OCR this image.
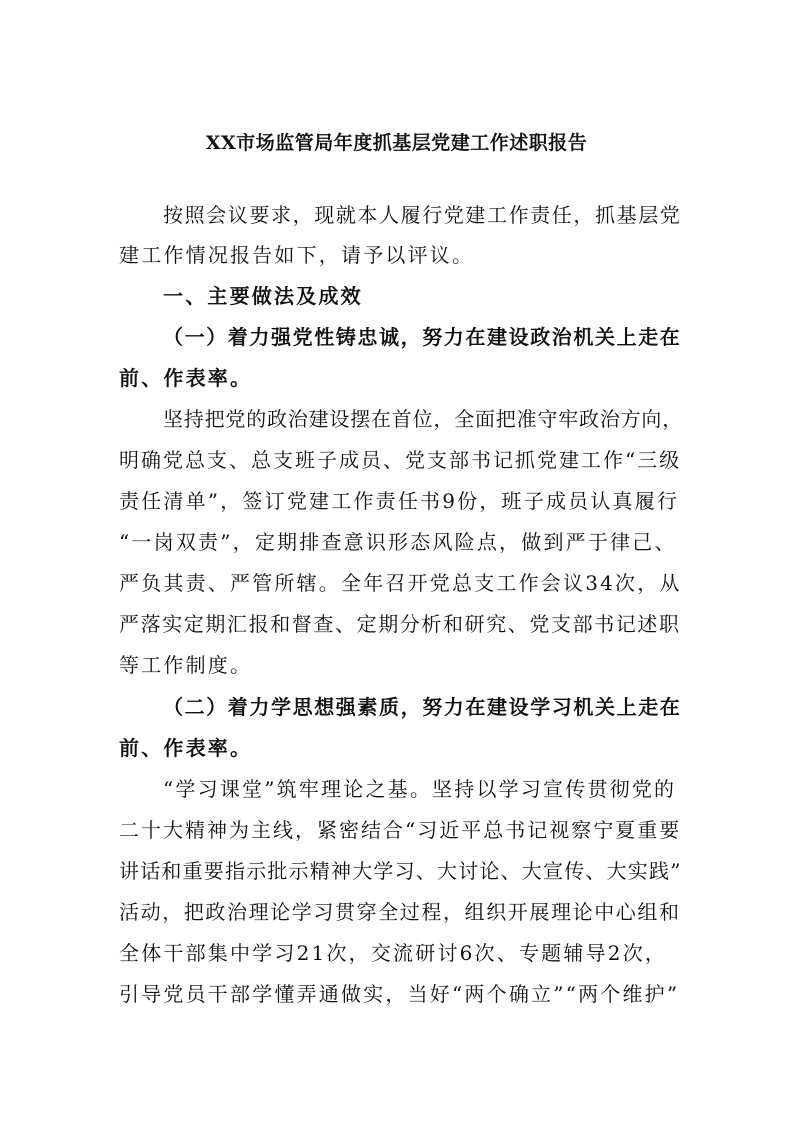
XX市场监管局年度抓基层党建工作述职报告
按照会议要求，现就本人履行党建工作责任，抓基层党
建工作情况报告如下，请予以评议。
一、主要做法及成效
（一）着力强党性铸忠诚，努力在建设政治机关上走在
前、作表率。
坚持把党的政治建设摆在首位，全面把准守牢政治方向，
明确党总支、总支班子成员、党支部书记抓党建工作“三级
责任清单”，签订党建工作责任书9份，班子成员认真履行
“一岗双责”，定期排查意识形态风险点，做到严于律己、
严负其责、严管所辖。全年召开党总支工作会议34次，从
严落实定期汇报和督查、定期分析和研究、党支部书记述职
等工作制度。
（二）着力学思想强素质，努力在建设学习机关上走在
前、作表率。
“学习课堂”筑牢理论之基。坚持以学习宣传贯彻党的
二十大精神为主线，紧密结合“习近平总书记视察宁夏重要
讲话和重要指示批示精神大学习、大讨论、大宣传、大实践”
活动，把政治理论学习贯穿全过程，组织开展理论中心组和
全体干部集中学习21次，交流研讨6次、专题辅导2次，
引导党员干部学懂弄通做实，当好“两个确立”“两个维护”
